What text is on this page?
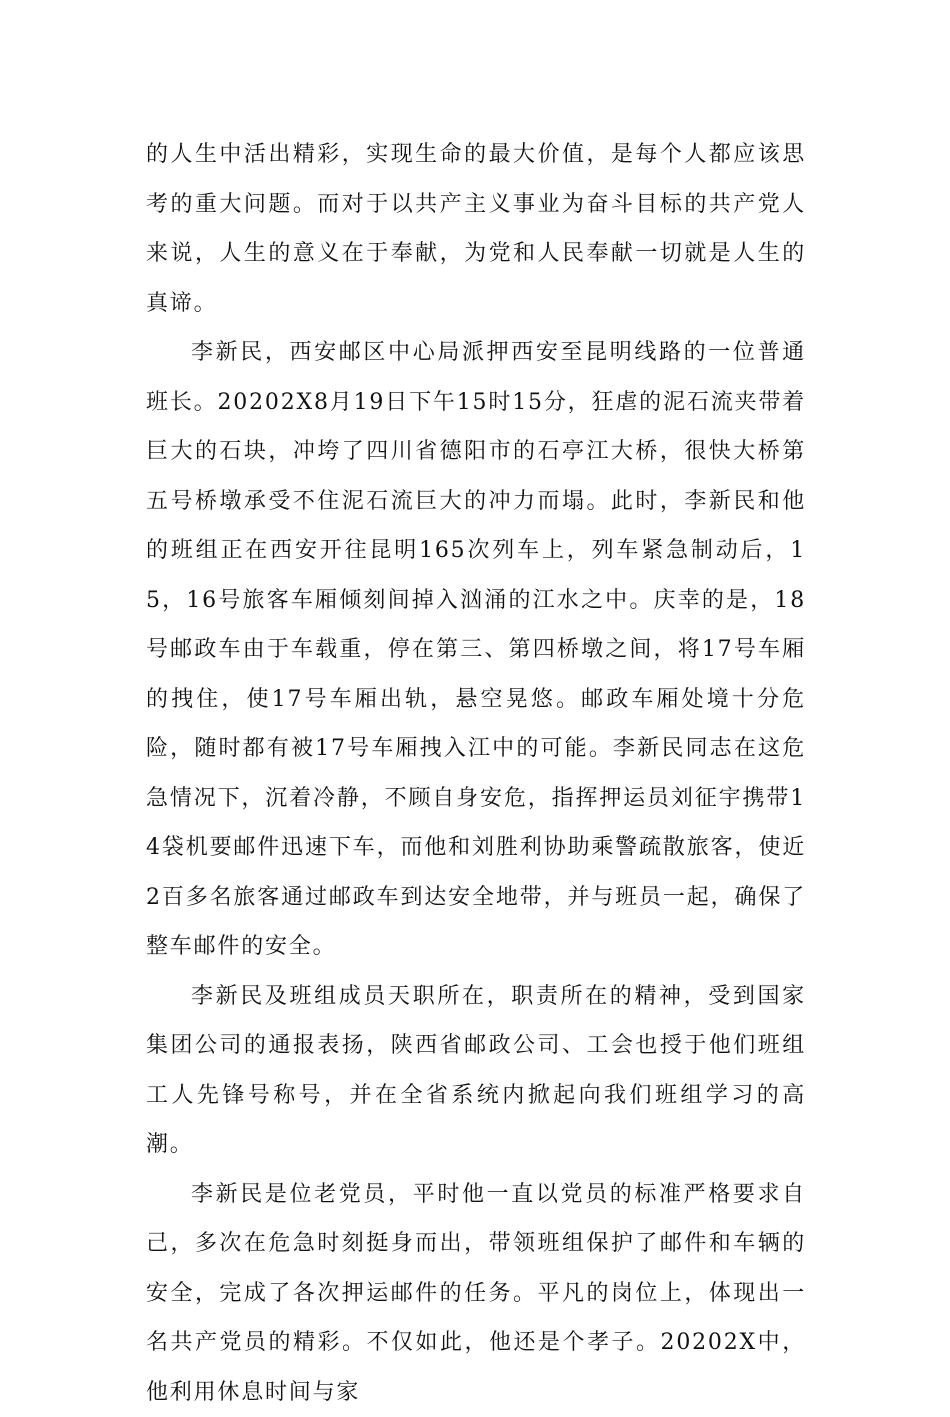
的人生中活出精彩，实现生命的最大价值，是每个人都应该思考的重大问题。而对于以共产主义事业为奋斗目标的共产党人来说，人生的意义在于奉献，为党和人民奉献一切就是人生的真谛。

李新民，西安邮区中心局派押西安至昆明线路的一位普通班长。20202X8月19日下午15时15分，狂虐的泥石流夹带着巨大的石块，冲垮了四川省德阳市的石亭江大桥，很快大桥第五号桥墩承受不住泥石流巨大的冲力而塌。此时，李新民和他的班组正在西安开往昆明165次列车上，列车紧急制动后，15，16号旅客车厢倾刻间掉入汹涌的江水之中。庆幸的是，18号邮政车由于车载重，停在第三、第四桥墩之间，将17号车厢的拽住，使17号车厢出轨，悬空晃悠。邮政车厢处境十分危险，随时都有被17号车厢拽入江中的可能。李新民同志在这危急情况下，沉着冷静，不顾自身安危，指挥押运员刘征宇携带14袋机要邮件迅速下车，而他和刘胜利协助乘警疏散旅客，使近2百多名旅客通过邮政车到达安全地带，并与班员一起，确保了整车邮件的安全。

李新民及班组成员天职所在，职责所在的精神，受到国家集团公司的通报表扬，陕西省邮政公司、工会也授于他们班组工人先锋号称号，并在全省系统内掀起向我们班组学习的高潮。

李新民是位老党员，平时他一直以党员的标准严格要求自己，多次在危急时刻挺身而出，带领班组保护了邮件和车辆的安全，完成了各次押运邮件的任务。平凡的岗位上，体现出一名共产党员的精彩。不仅如此，他还是个孝子。20202X中，他利用休息时间与家
